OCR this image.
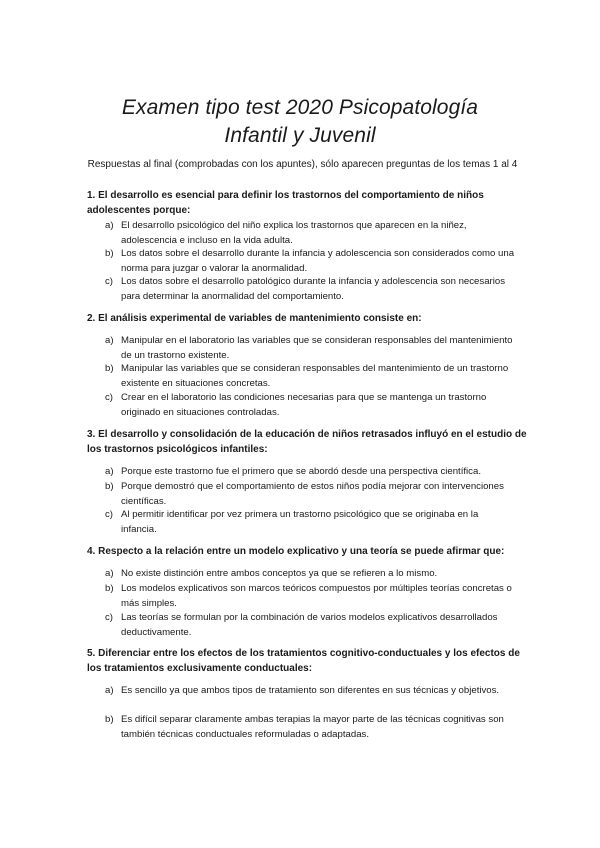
Examen tipo test 2020 Psicopatología
Infantil y Juvenil
Respuestas al final (comprobadas con los apuntes), sólo aparecen preguntas de los temas 1 al 4

1. El desarrollo es esencial para definir los trastornos del comportamiento de niños adolescentes porque:

a) El desarrollo psicológico del niño explica los trastornos que aparecen en la niñez, adolescencia e incluso en la vida adulta.
b) Los datos sobre el desarrollo durante la infancia y adolescencia son considerados como una norma para juzgar o valorar la anormalidad.
c) Los datos sobre el desarrollo patológico durante la infancia y adolescencia son necesarios para determinar la anormalidad del comportamiento.

2. El análisis experimental de variables de mantenimiento consiste en:

a) Manipular en el laboratorio las variables que se consideran responsables del mantenimiento de un trastorno existente.
b) Manipular las variables que se consideran responsables del mantenimiento de un trastorno existente en situaciones concretas.
c) Crear en el laboratorio las condiciones necesarias para que se mantenga un trastorno originado en situaciones controladas.

3. El desarrollo y consolidación de la educación de niños retrasados influyó en el estudio de los trastornos psicológicos infantiles:

a) Porque este trastorno fue el primero que se abordó desde una perspectiva científica.
b) Porque demostró que el comportamiento de estos niños podía mejorar con intervenciones científicas.
c) Al permitir identificar por vez primera un trastorno psicológico que se originaba en la infancia.

4. Respecto a la relación entre un modelo explicativo y una teoría se puede afirmar que:

a) No existe distinción entre ambos conceptos ya que se refieren a lo mismo.
b) Los modelos explicativos son marcos teóricos compuestos por múltiples teorías concretas o más simples.
c) Las teorías se formulan por la combinación de varios modelos explicativos desarrollados deductivamente.

5. Diferenciar entre los efectos de los tratamientos cognitivo-conductuales y los efectos de los tratamientos exclusivamente conductuales:

a) Es sencillo ya que ambos tipos de tratamiento son diferentes en sus técnicas y objetivos.
b) Es difícil separar claramente ambas terapias la mayor parte de las técnicas cognitivas son también técnicas conductuales reformuladas o adaptadas.
